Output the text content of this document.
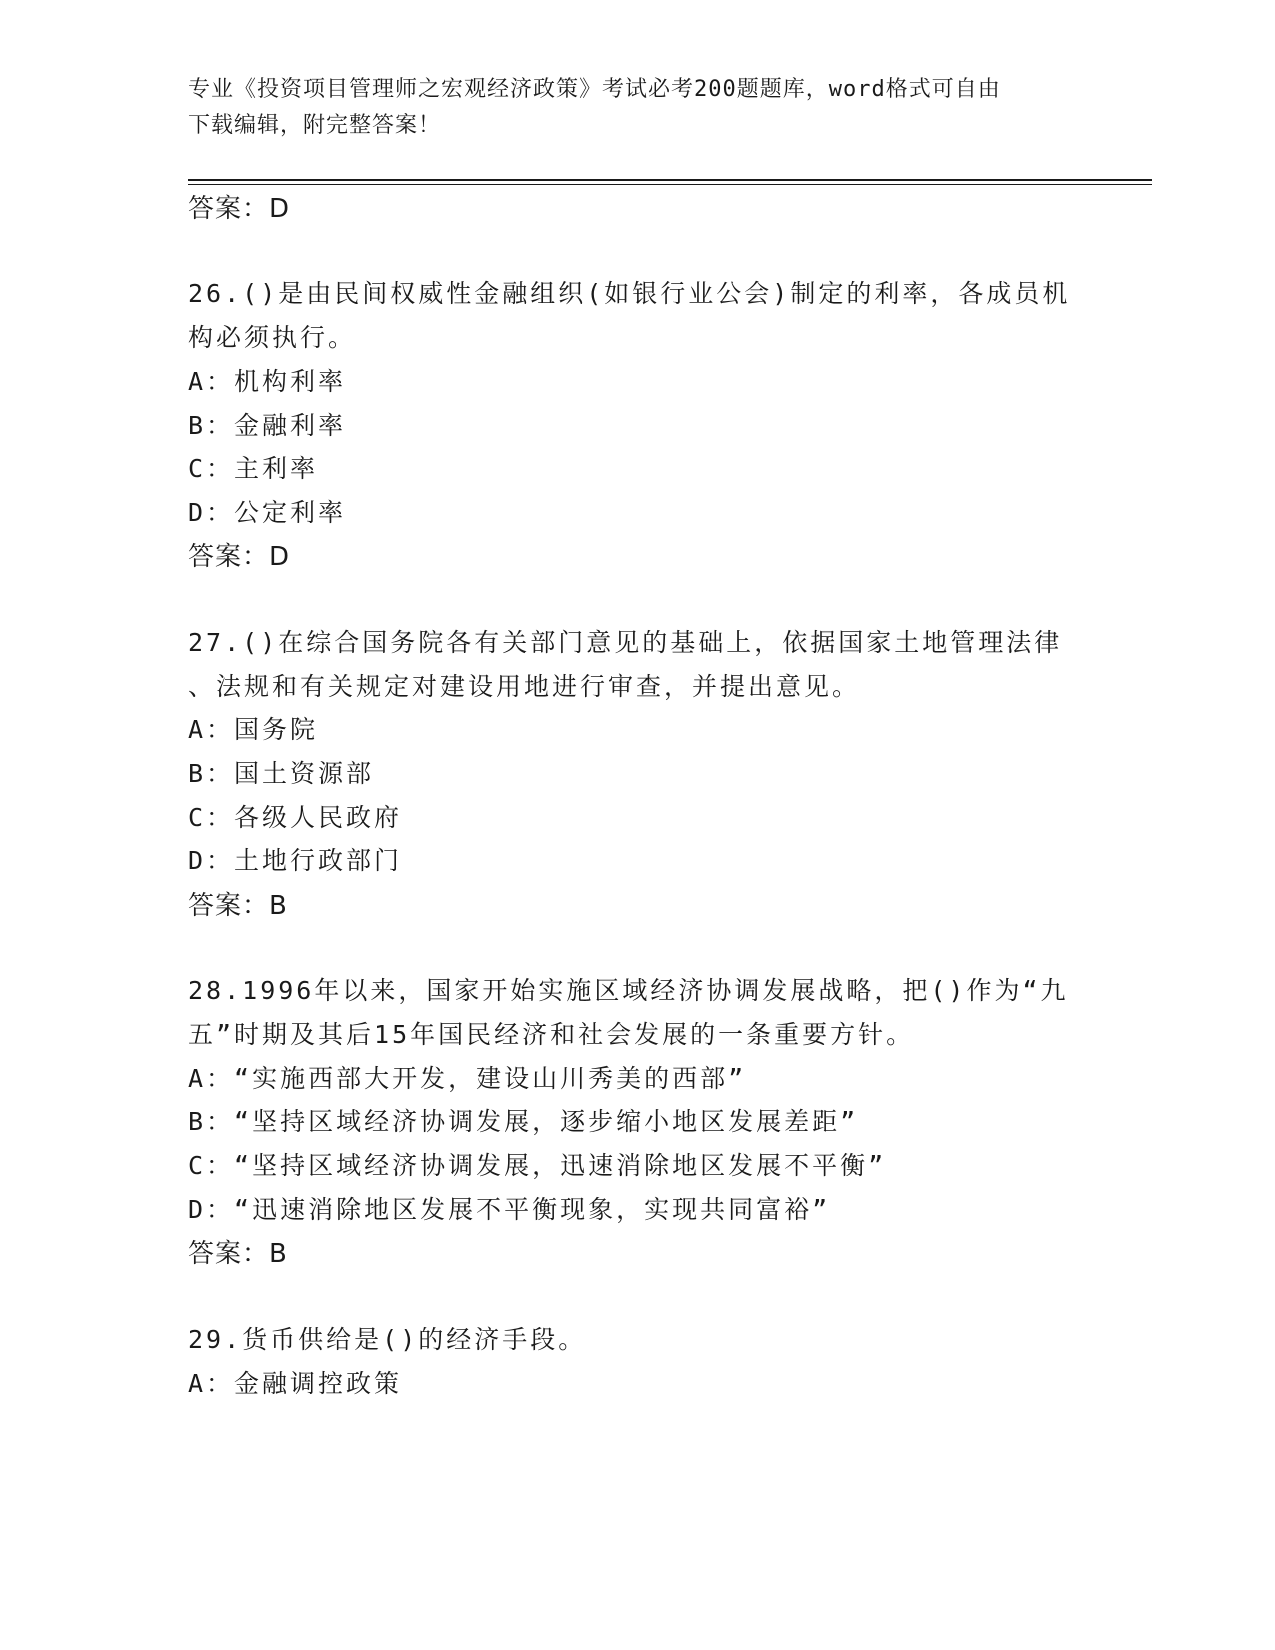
专业《投资项目管理师之宏观经济政策》考试必考200题题库，word格式可自由
下载编辑，附完整答案！
答案：D
26.()是由民间权威性金融组织(如银行业公会)制定的利率，各成员机
构必须执行。
A：机构利率
B：金融利率
C：主利率
D：公定利率
答案：D
27.()在综合国务院各有关部门意见的基础上，依据国家土地管理法律
、法规和有关规定对建设用地进行审查，并提出意见。
A：国务院
B：国土资源部
C：各级人民政府
D：土地行政部门
答案：B
28.1996年以来，国家开始实施区域经济协调发展战略，把()作为“九
五”时期及其后15年国民经济和社会发展的一条重要方针。
A：“实施西部大开发，建设山川秀美的西部”
B：“坚持区域经济协调发展，逐步缩小地区发展差距”
C：“坚持区域经济协调发展，迅速消除地区发展不平衡”
D：“迅速消除地区发展不平衡现象，实现共同富裕”
答案：B
29.货币供给是()的经济手段。
A：金融调控政策
